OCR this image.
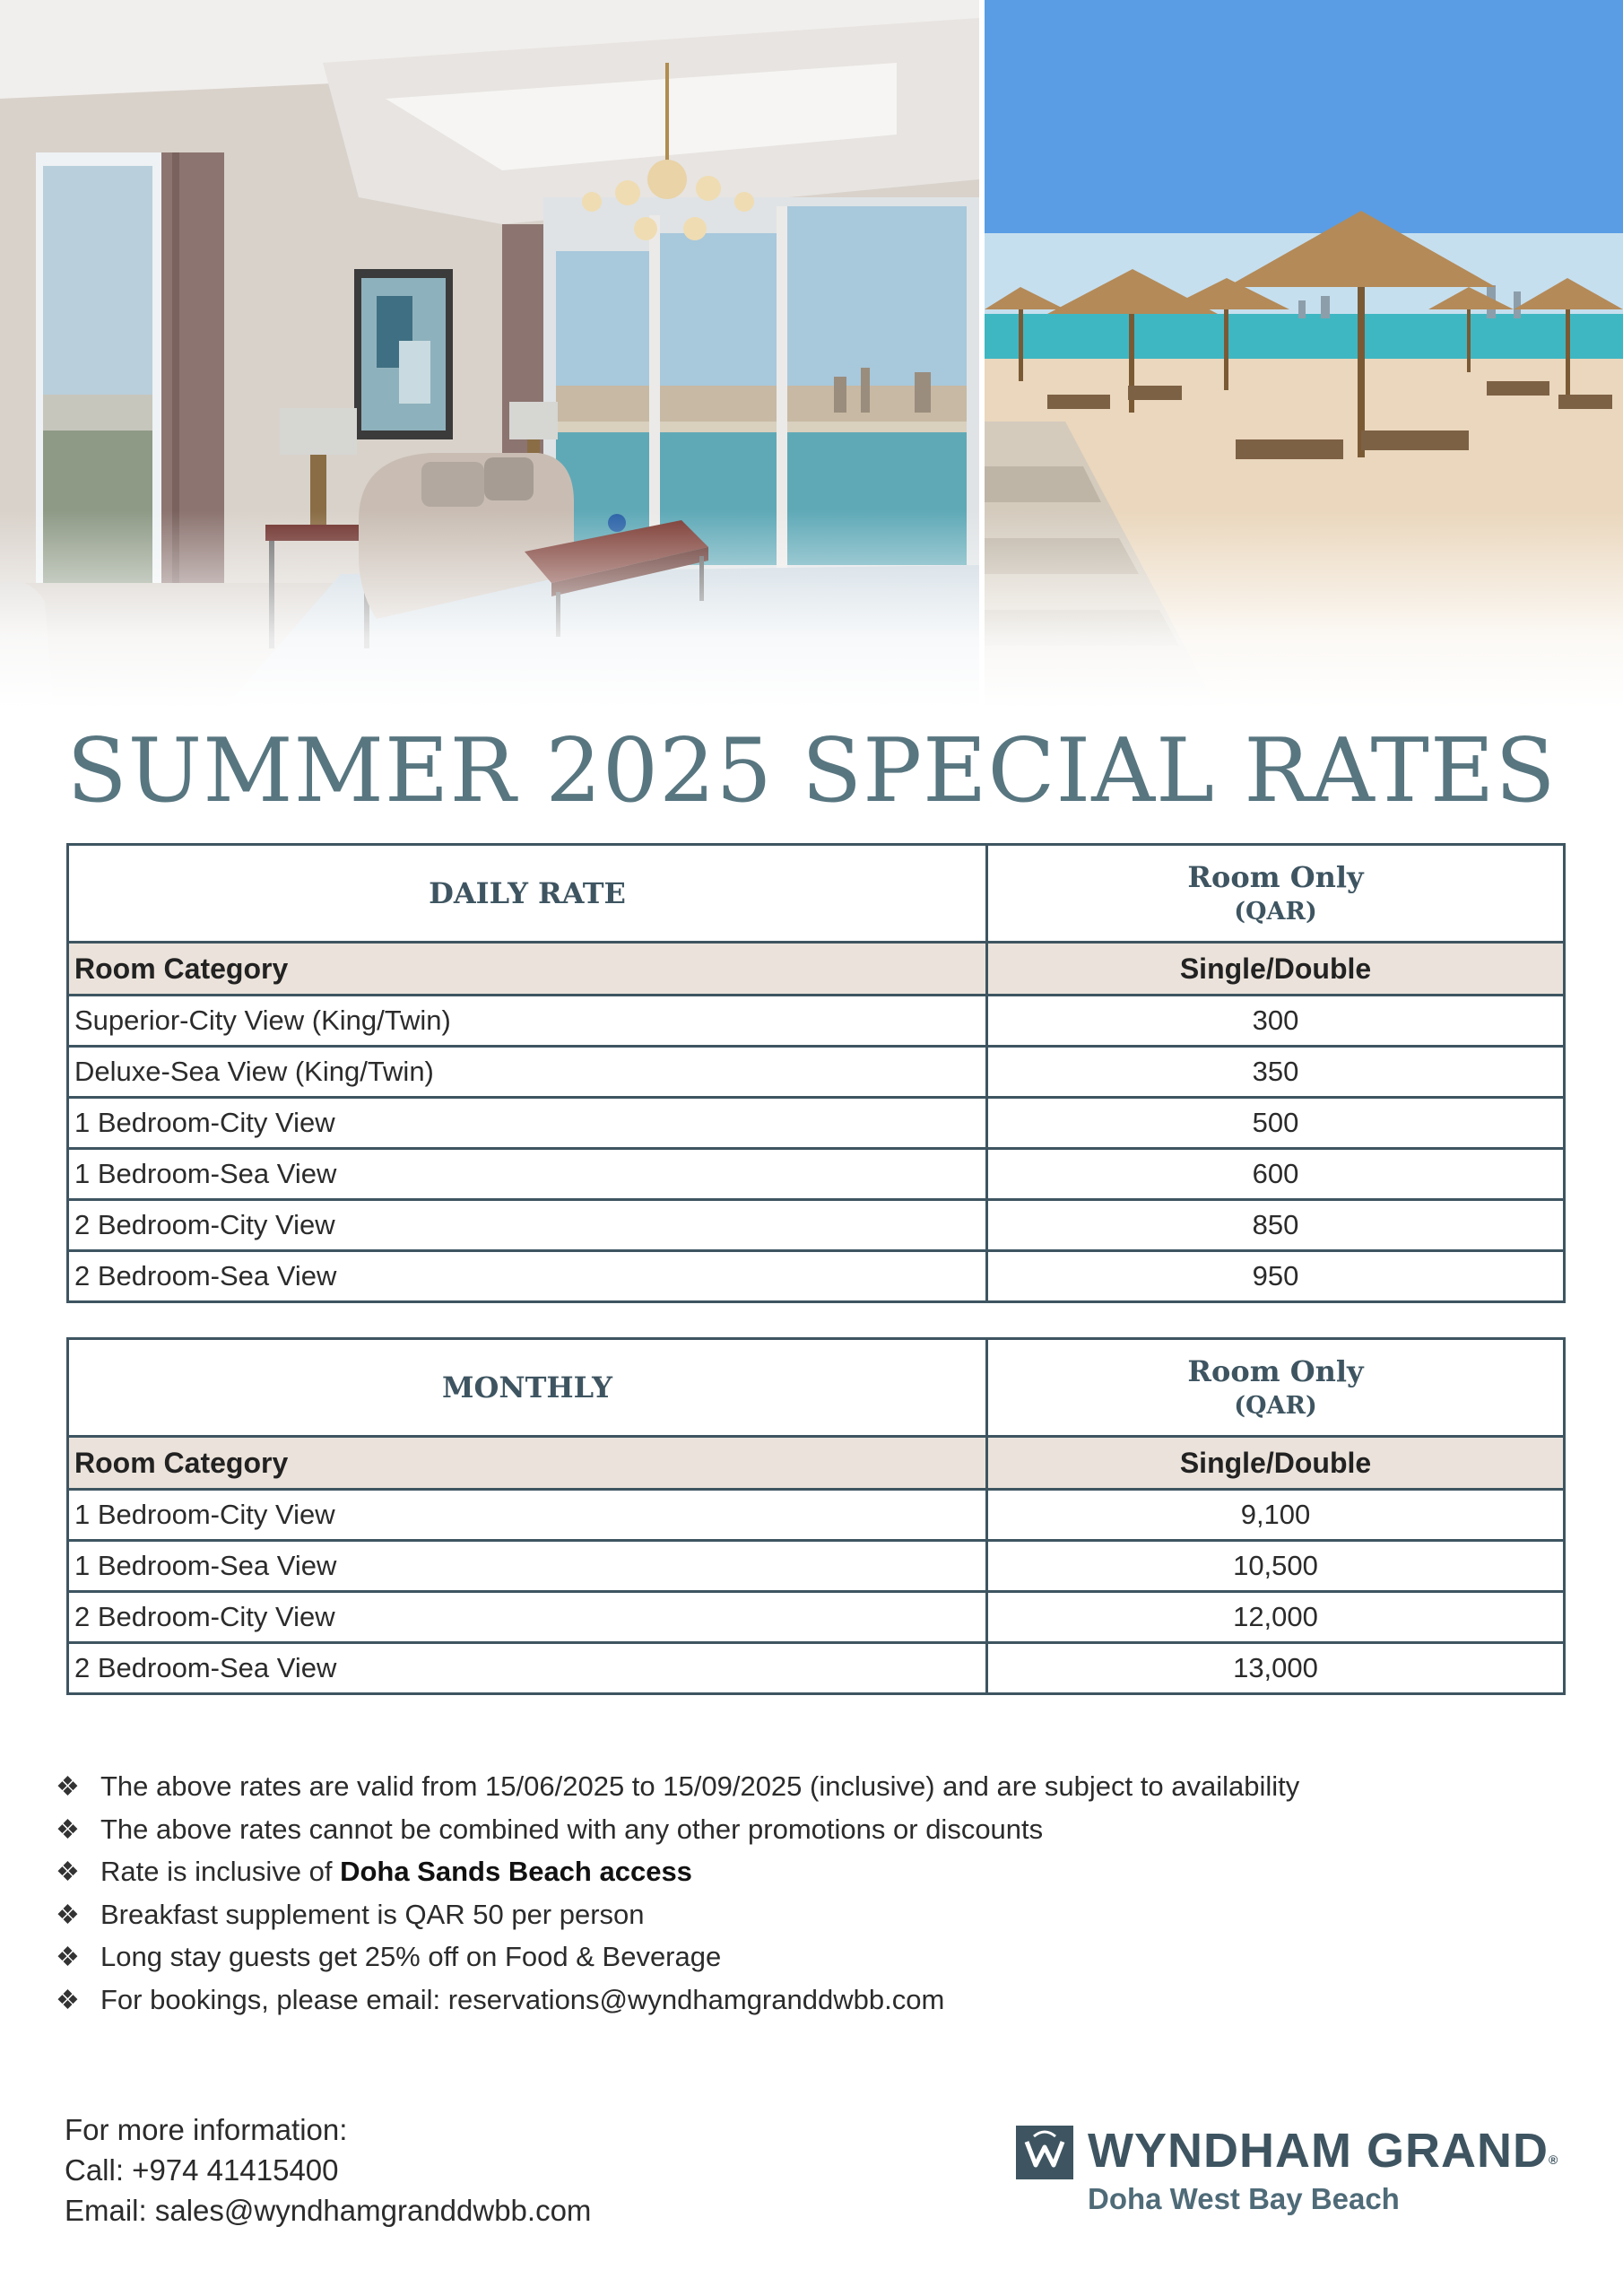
SUMMER 2025 SPECIAL RATES
DAILY RATE	Room Only
(QAR)

Room Category	Single/Double
Superior-City View (King/Twin)	300
Deluxe-Sea View (King/Twin)	350
1 Bedroom-City View	500
1 Bedroom-Sea View	600
2 Bedroom-City View	850
2 Bedroom-Sea View	950
MONTHLY	Room Only
(QAR)

Room Category	Single/Double
1 Bedroom-City View	9,100
1 Bedroom-Sea View	10,500
2 Bedroom-City View	12,000
2 Bedroom-Sea View	13,000
❖ The above rates are valid from 15/06/2025 to 15/09/2025 (inclusive) and are subject to availability
❖ The above rates cannot be combined with any other promotions or discounts
❖ Rate is inclusive of Doha Sands Beach access
❖ Breakfast supplement is QAR 50 per person
❖ Long stay guests get 25% off on Food & Beverage
❖ For bookings, please email: reservations@wyndhamgranddwbb.com
For more information:
Call: +974 41415400
Email: sales@wyndhamgranddwbb.com
WYNDHAM GRAND®
Doha West Bay Beach
